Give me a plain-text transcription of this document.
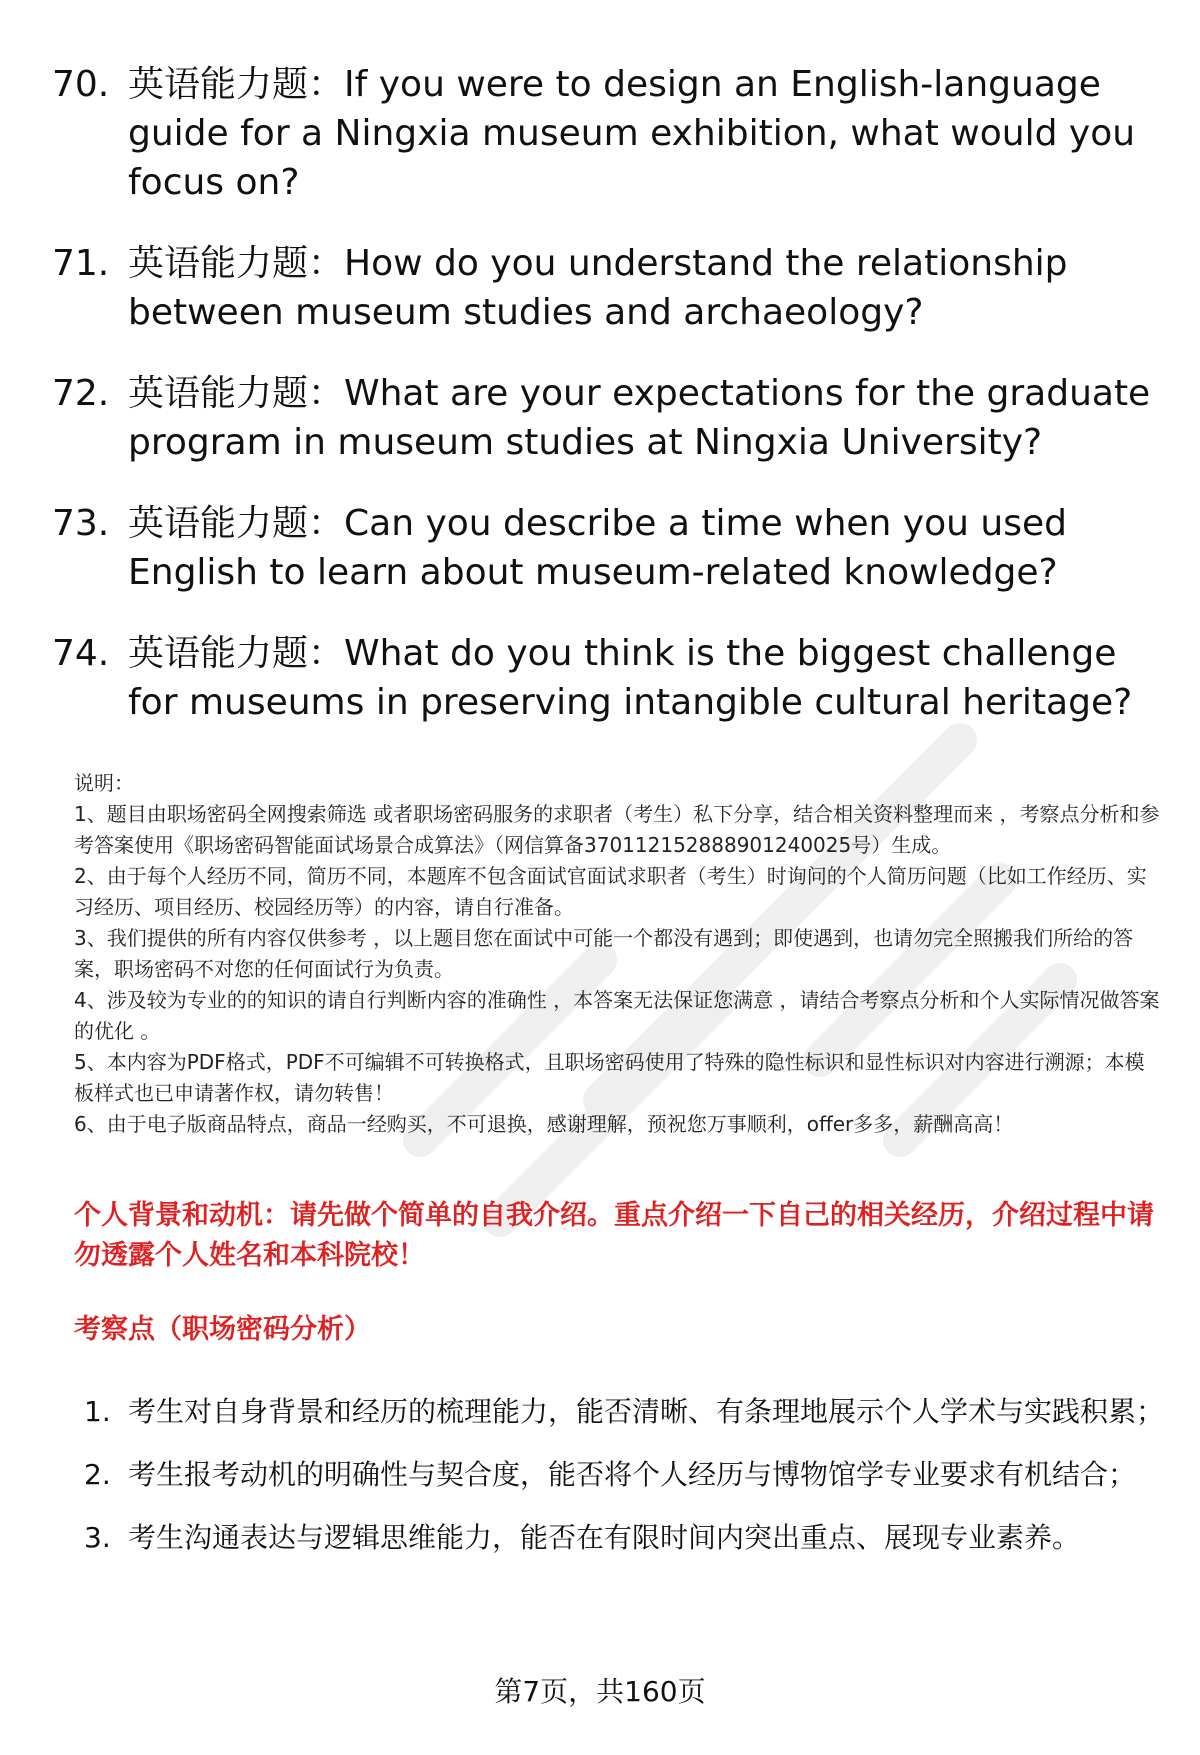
70. 英语能力题：If you were to design an English-language guide for a Ningxia museum exhibition, what would you focus on?
71. 英语能力题：How do you understand the relationship between museum studies and archaeology?
72. 英语能力题：What are your expectations for the graduate program in museum studies at Ningxia University?
73. 英语能力题：Can you describe a time when you used English to learn about museum-related knowledge?
74. 英语能力题：What do you think is the biggest challenge for museums in preserving intangible cultural heritage?

说明：

1、题目由职场密码全网搜索筛选 或者职场密码服务的求职者（考生）私下分享，结合相关资料整理而来 ，考察点分析和参考答案使用《职场密码智能面试场景合成算法》（网信算备370112152888901240025号）生成。

2、由于每个人经历不同，简历不同，本题库不包含面试官面试求职者（考生）时询问的个人简历问题（比如工作经历、实习经历、项目经历、校园经历等）的内容，请自行准备。

3、我们提供的所有内容仅供参考 ，以上题目您在面试中可能一个都没有遇到；即使遇到，也请勿完全照搬我们所给的答案，职场密码不对您的任何面试行为负责。

4、涉及较为专业的的知识的请自行判断内容的准确性 ，本答案无法保证您满意 ，请结合考察点分析和个人实际情况做答案的优化 。

5、本内容为PDF格式，PDF不可编辑不可转换格式，且职场密码使用了特殊的隐性标识和显性标识对内容进行溯源；本模板样式也已申请著作权，请勿转售！

6、由于电子版商品特点，商品一经购买，不可退换，感谢理解，预祝您万事顺利，offer多多，薪酬高高！

个人背景和动机：请先做个简单的自我介绍。重点介绍一下自己的相关经历，介绍过程中请勿透露个人姓名和本科院校！
考察点（职场密码分析）
1. 考生对自身背景和经历的梳理能力，能否清晰、有条理地展示个人学术与实践积累；
2. 考生报考动机的明确性与契合度，能否将个人经历与博物馆学专业要求有机结合；
3. 考生沟通表达与逻辑思维能力，能否在有限时间内突出重点、展现专业素养。
第7页，共160页
